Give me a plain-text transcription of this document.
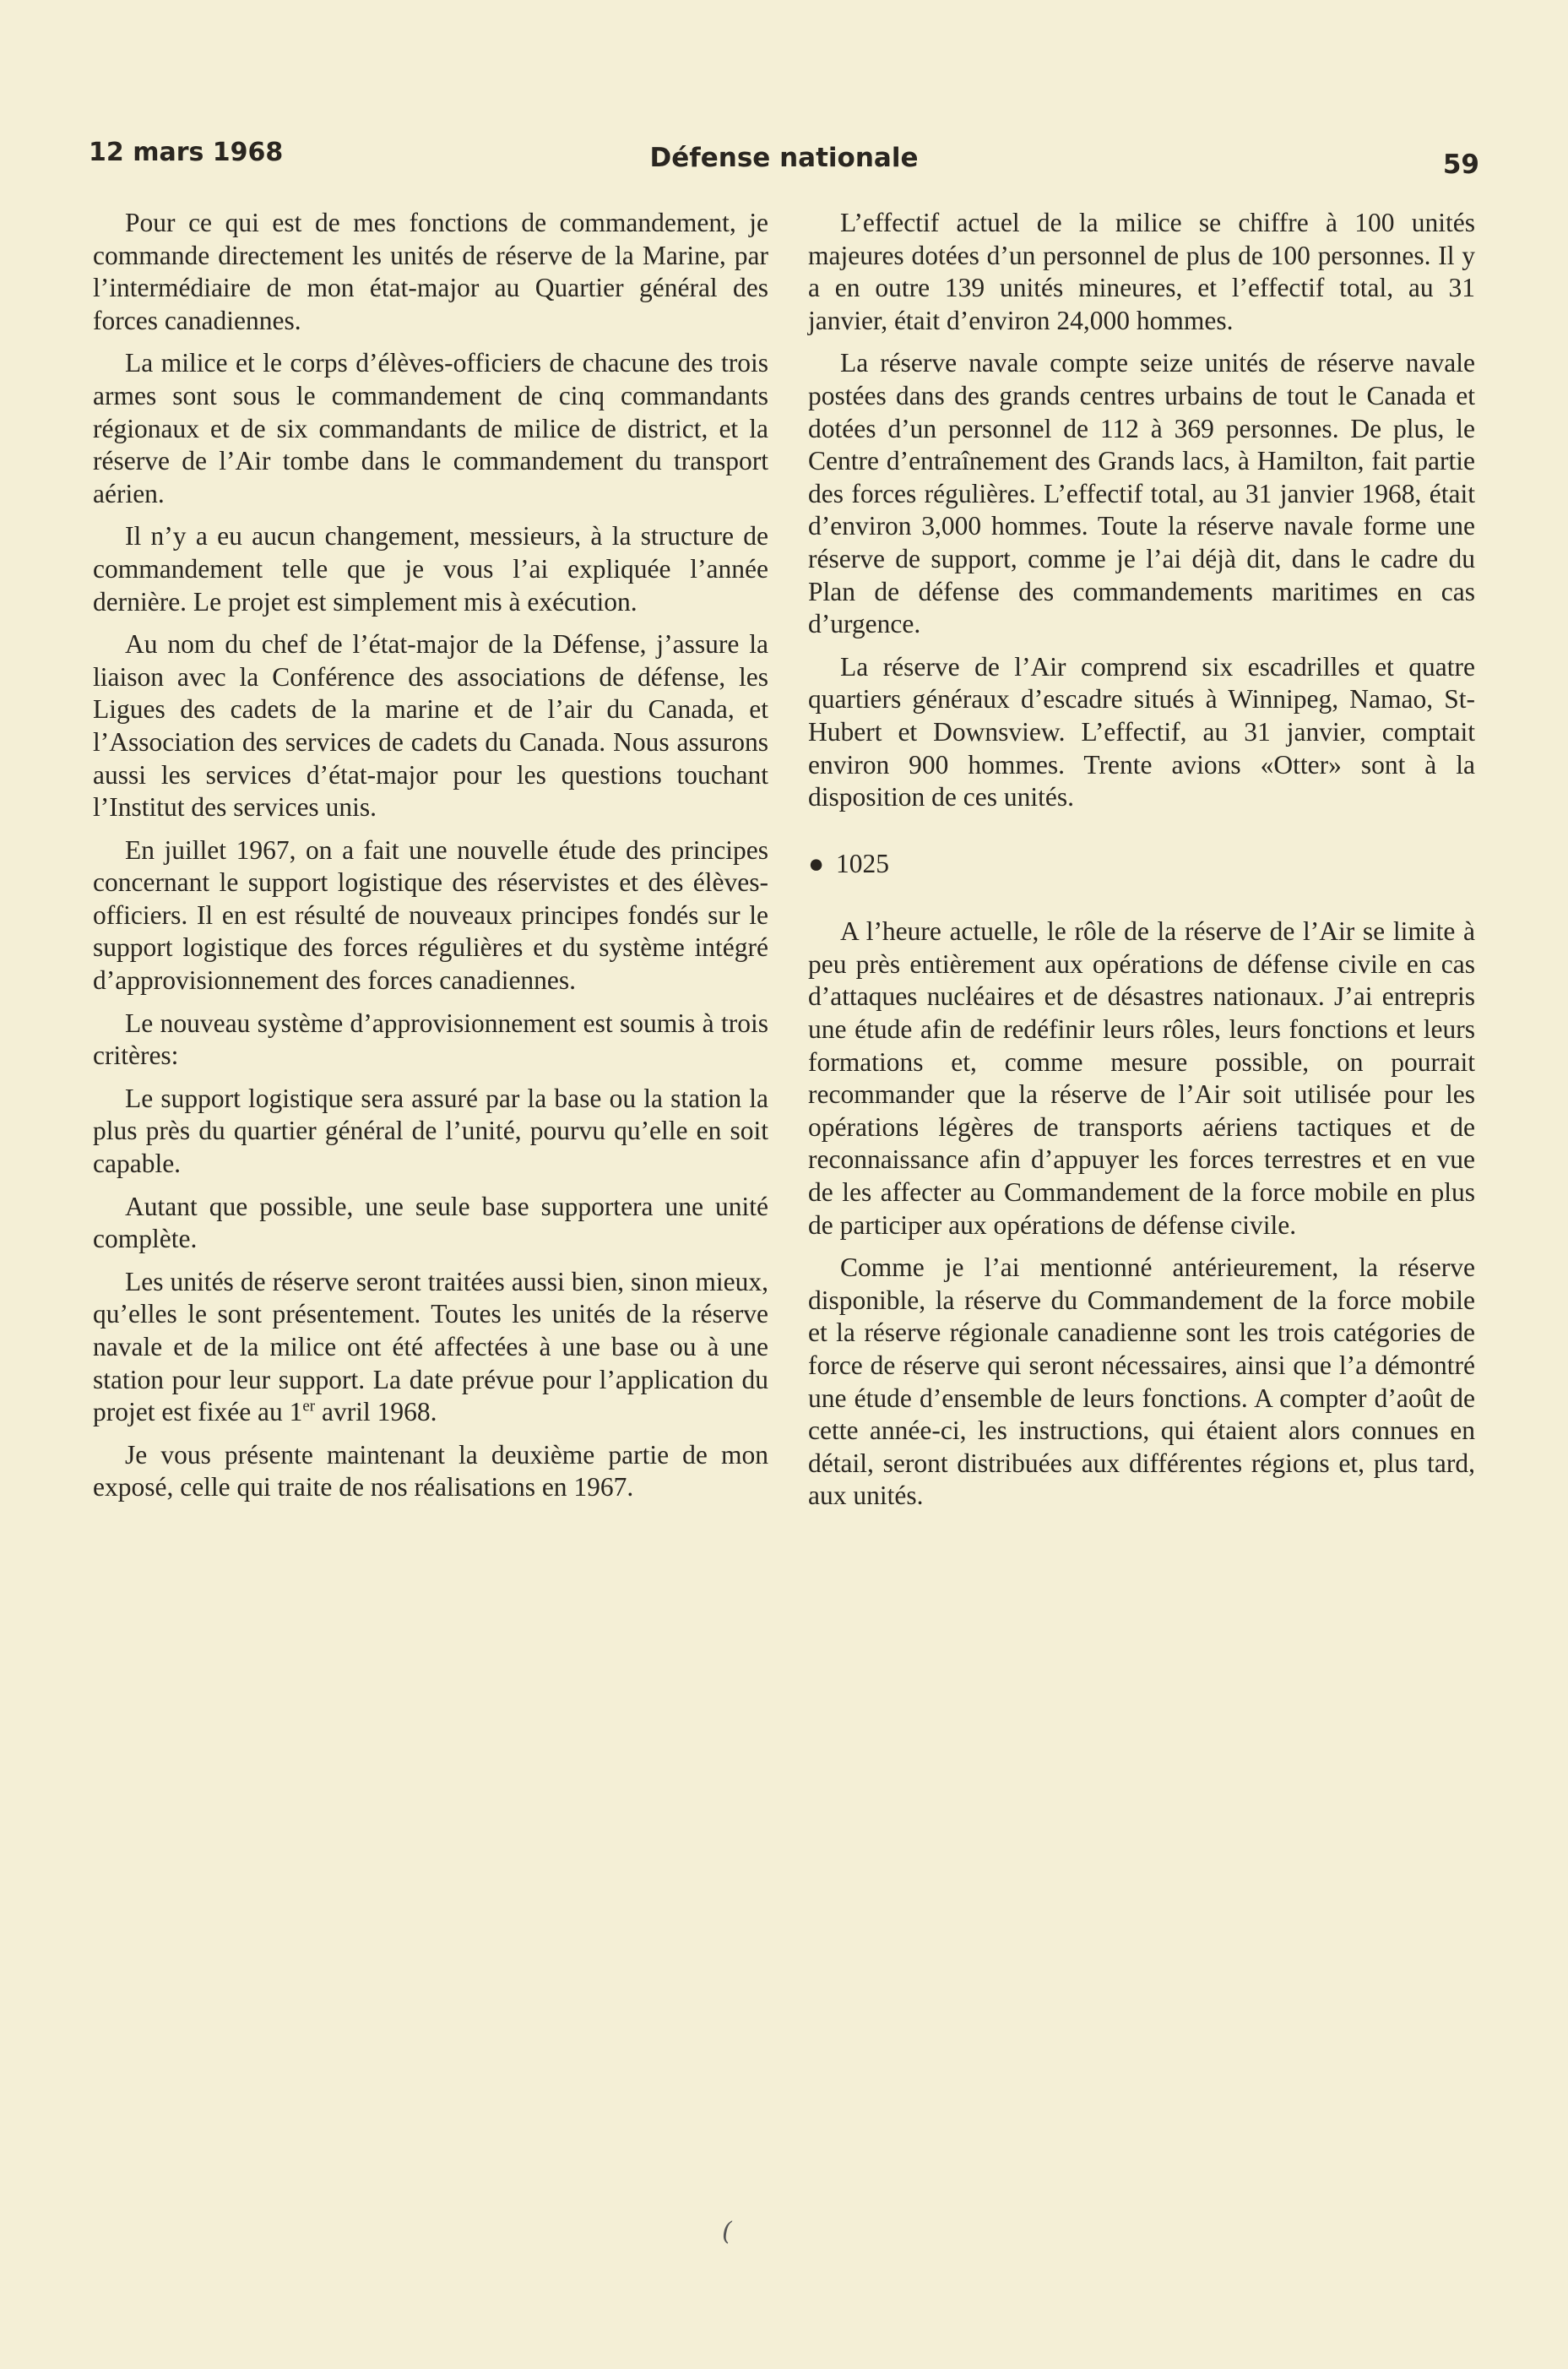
12 mars 1968	Défense nationale	59

Pour ce qui est de mes fonctions de commandement, je commande directement les unités de réserve de la Marine, par l’intermédiaire de mon état-major au Quartier général des forces canadiennes.

La milice et le corps d’élèves-officiers de chacune des trois armes sont sous le commandement de cinq commandants régionaux et de six commandants de milice de district, et la réserve de l’Air tombe dans le commandement du transport aérien.

Il n’y a eu aucun changement, messieurs, à la structure de commandement telle que je vous l’ai expliquée l’année dernière. Le projet est simplement mis à exécution.

Au nom du chef de l’état-major de la Défense, j’assure la liaison avec la Conférence des associations de défense, les Ligues des cadets de la marine et de l’air du Canada, et l’Association des services de cadets du Canada. Nous assurons aussi les services d’état-major pour les questions touchant l’Institut des services unis.

En juillet 1967, on a fait une nouvelle étude des principes concernant le support logistique des réservistes et des élèves-officiers. Il en est résulté de nouveaux principes fondés sur le support logistique des forces régulières et du système intégré d’approvisionnement des forces canadiennes.

Le nouveau système d’approvisionnement est soumis à trois critères:

Le support logistique sera assuré par la base ou la station la plus près du quartier général de l’unité, pourvu qu’elle en soit capable.

Autant que possible, une seule base supportera une unité complète.

Les unités de réserve seront traitées aussi bien, sinon mieux, qu’elles le sont présentement. Toutes les unités de la réserve navale et de la milice ont été affectées à une base ou à une station pour leur support. La date prévue pour l’application du projet est fixée au 1er avril 1968.

Je vous présente maintenant la deuxième partie de mon exposé, celle qui traite de nos réalisations en 1967.

L’effectif actuel de la milice se chiffre à 100 unités majeures dotées d’un personnel de plus de 100 personnes. Il y a en outre 139 unités mineures, et l’effectif total, au 31 janvier, était d’environ 24,000 hommes.

La réserve navale compte seize unités de réserve navale postées dans des grands centres urbains de tout le Canada et dotées d’un personnel de 112 à 369 personnes. De plus, le Centre d’entraînement des Grands lacs, à Hamilton, fait partie des forces régulières. L’effectif total, au 31 janvier 1968, était d’environ 3,000 hommes. Toute la réserve navale forme une réserve de support, comme je l’ai déjà dit, dans le cadre du Plan de défense des commandements maritimes en cas d’urgence.

La réserve de l’Air comprend six escadrilles et quatre quartiers généraux d’escadre situés à Winnipeg, Namao, St-Hubert et Downsview. L’effectif, au 31 janvier, comptait environ 900 hommes. Trente avions «Otter» sont à la disposition de ces unités.

● 1025

A l’heure actuelle, le rôle de la réserve de l’Air se limite à peu près entièrement aux opérations de défense civile en cas d’attaques nucléaires et de désastres nationaux. J’ai entrepris une étude afin de redéfinir leurs rôles, leurs fonctions et leurs formations et, comme mesure possible, on pourrait recommander que la réserve de l’Air soit utilisée pour les opérations légères de transports aériens tactiques et de reconnaissance afin d’appuyer les forces terrestres et en vue de les affecter au Commandement de la force mobile en plus de participer aux opérations de défense civile.

Comme je l’ai mentionné antérieurement, la réserve disponible, la réserve du Commandement de la force mobile et la réserve régionale canadienne sont les trois catégories de force de réserve qui seront nécessaires, ainsi que l’a démontré une étude d’ensemble de leurs fonctions. A compter d’août de cette année-ci, les instructions, qui étaient alors connues en détail, seront distribuées aux différentes régions et, plus tard, aux unités.

(
